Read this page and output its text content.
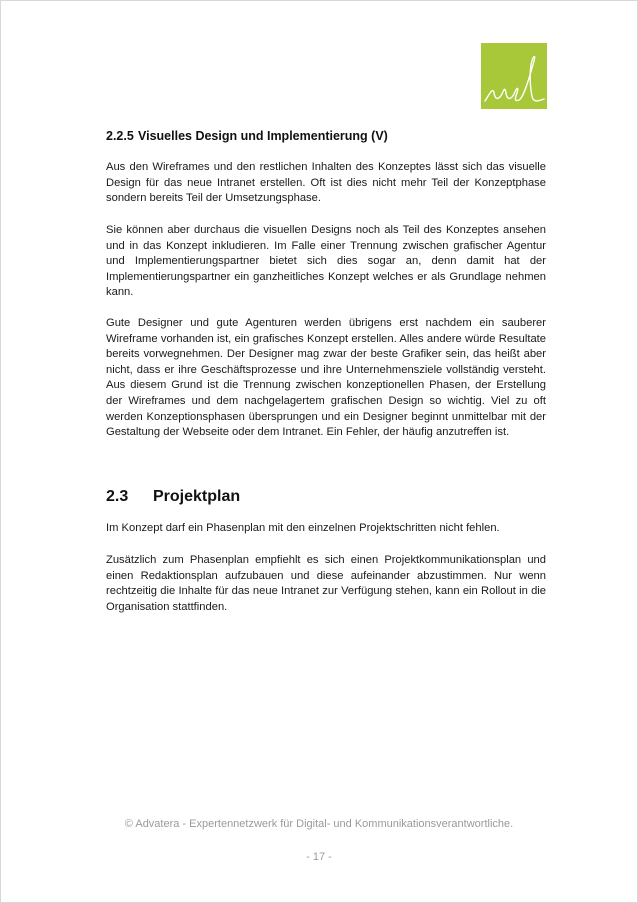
2.2.5 Visuelles Design und Implementierung (V)

Aus den Wireframes und den restlichen Inhalten des Konzeptes lässt sich das visuelle Design für das neue Intranet erstellen. Oft ist dies nicht mehr Teil der Konzeptphase sondern bereits Teil der Umsetzungsphase.

Sie können aber durchaus die visuellen Designs noch als Teil des Konzeptes ansehen und in das Konzept inkludieren. Im Falle einer Trennung zwischen grafischer Agentur und Implementierungspartner bietet sich dies sogar an, denn damit hat der Implementierungspartner ein ganzheitliches Konzept welches er als Grundlage nehmen kann.

Gute Designer und gute Agenturen werden übrigens erst nachdem ein sauberer Wireframe vorhanden ist, ein grafisches Konzept erstellen. Alles andere würde Resultate bereits vorwegnehmen. Der Designer mag zwar der beste Grafiker sein, das heißt aber nicht, dass er ihre Geschäftsprozesse und ihre Unternehmensziele vollständig versteht. Aus diesem Grund ist die Trennung zwischen konzeptionellen Phasen, der Erstellung der Wireframes und dem nachgelagertem grafischen Design so wichtig. Viel zu oft werden Konzeptionsphasen übersprungen und ein Designer beginnt unmittelbar mit der Gestaltung der Webseite oder dem Intranet. Ein Fehler, der häufig anzutreffen ist.

2.3 Projektplan

Im Konzept darf ein Phasenplan mit den einzelnen Projektschritten nicht fehlen.

Zusätzlich zum Phasenplan empfiehlt es sich einen Projektkommunikationsplan und einen Redaktionsplan aufzubauen und diese aufeinander abzustimmen. Nur wenn rechtzeitig die Inhalte für das neue Intranet zur Verfügung stehen, kann ein Rollout in die Organisation stattfinden.

© Advatera - Expertennetzwerk für Digital- und Kommunikationsverantwortliche.
- 17 -
